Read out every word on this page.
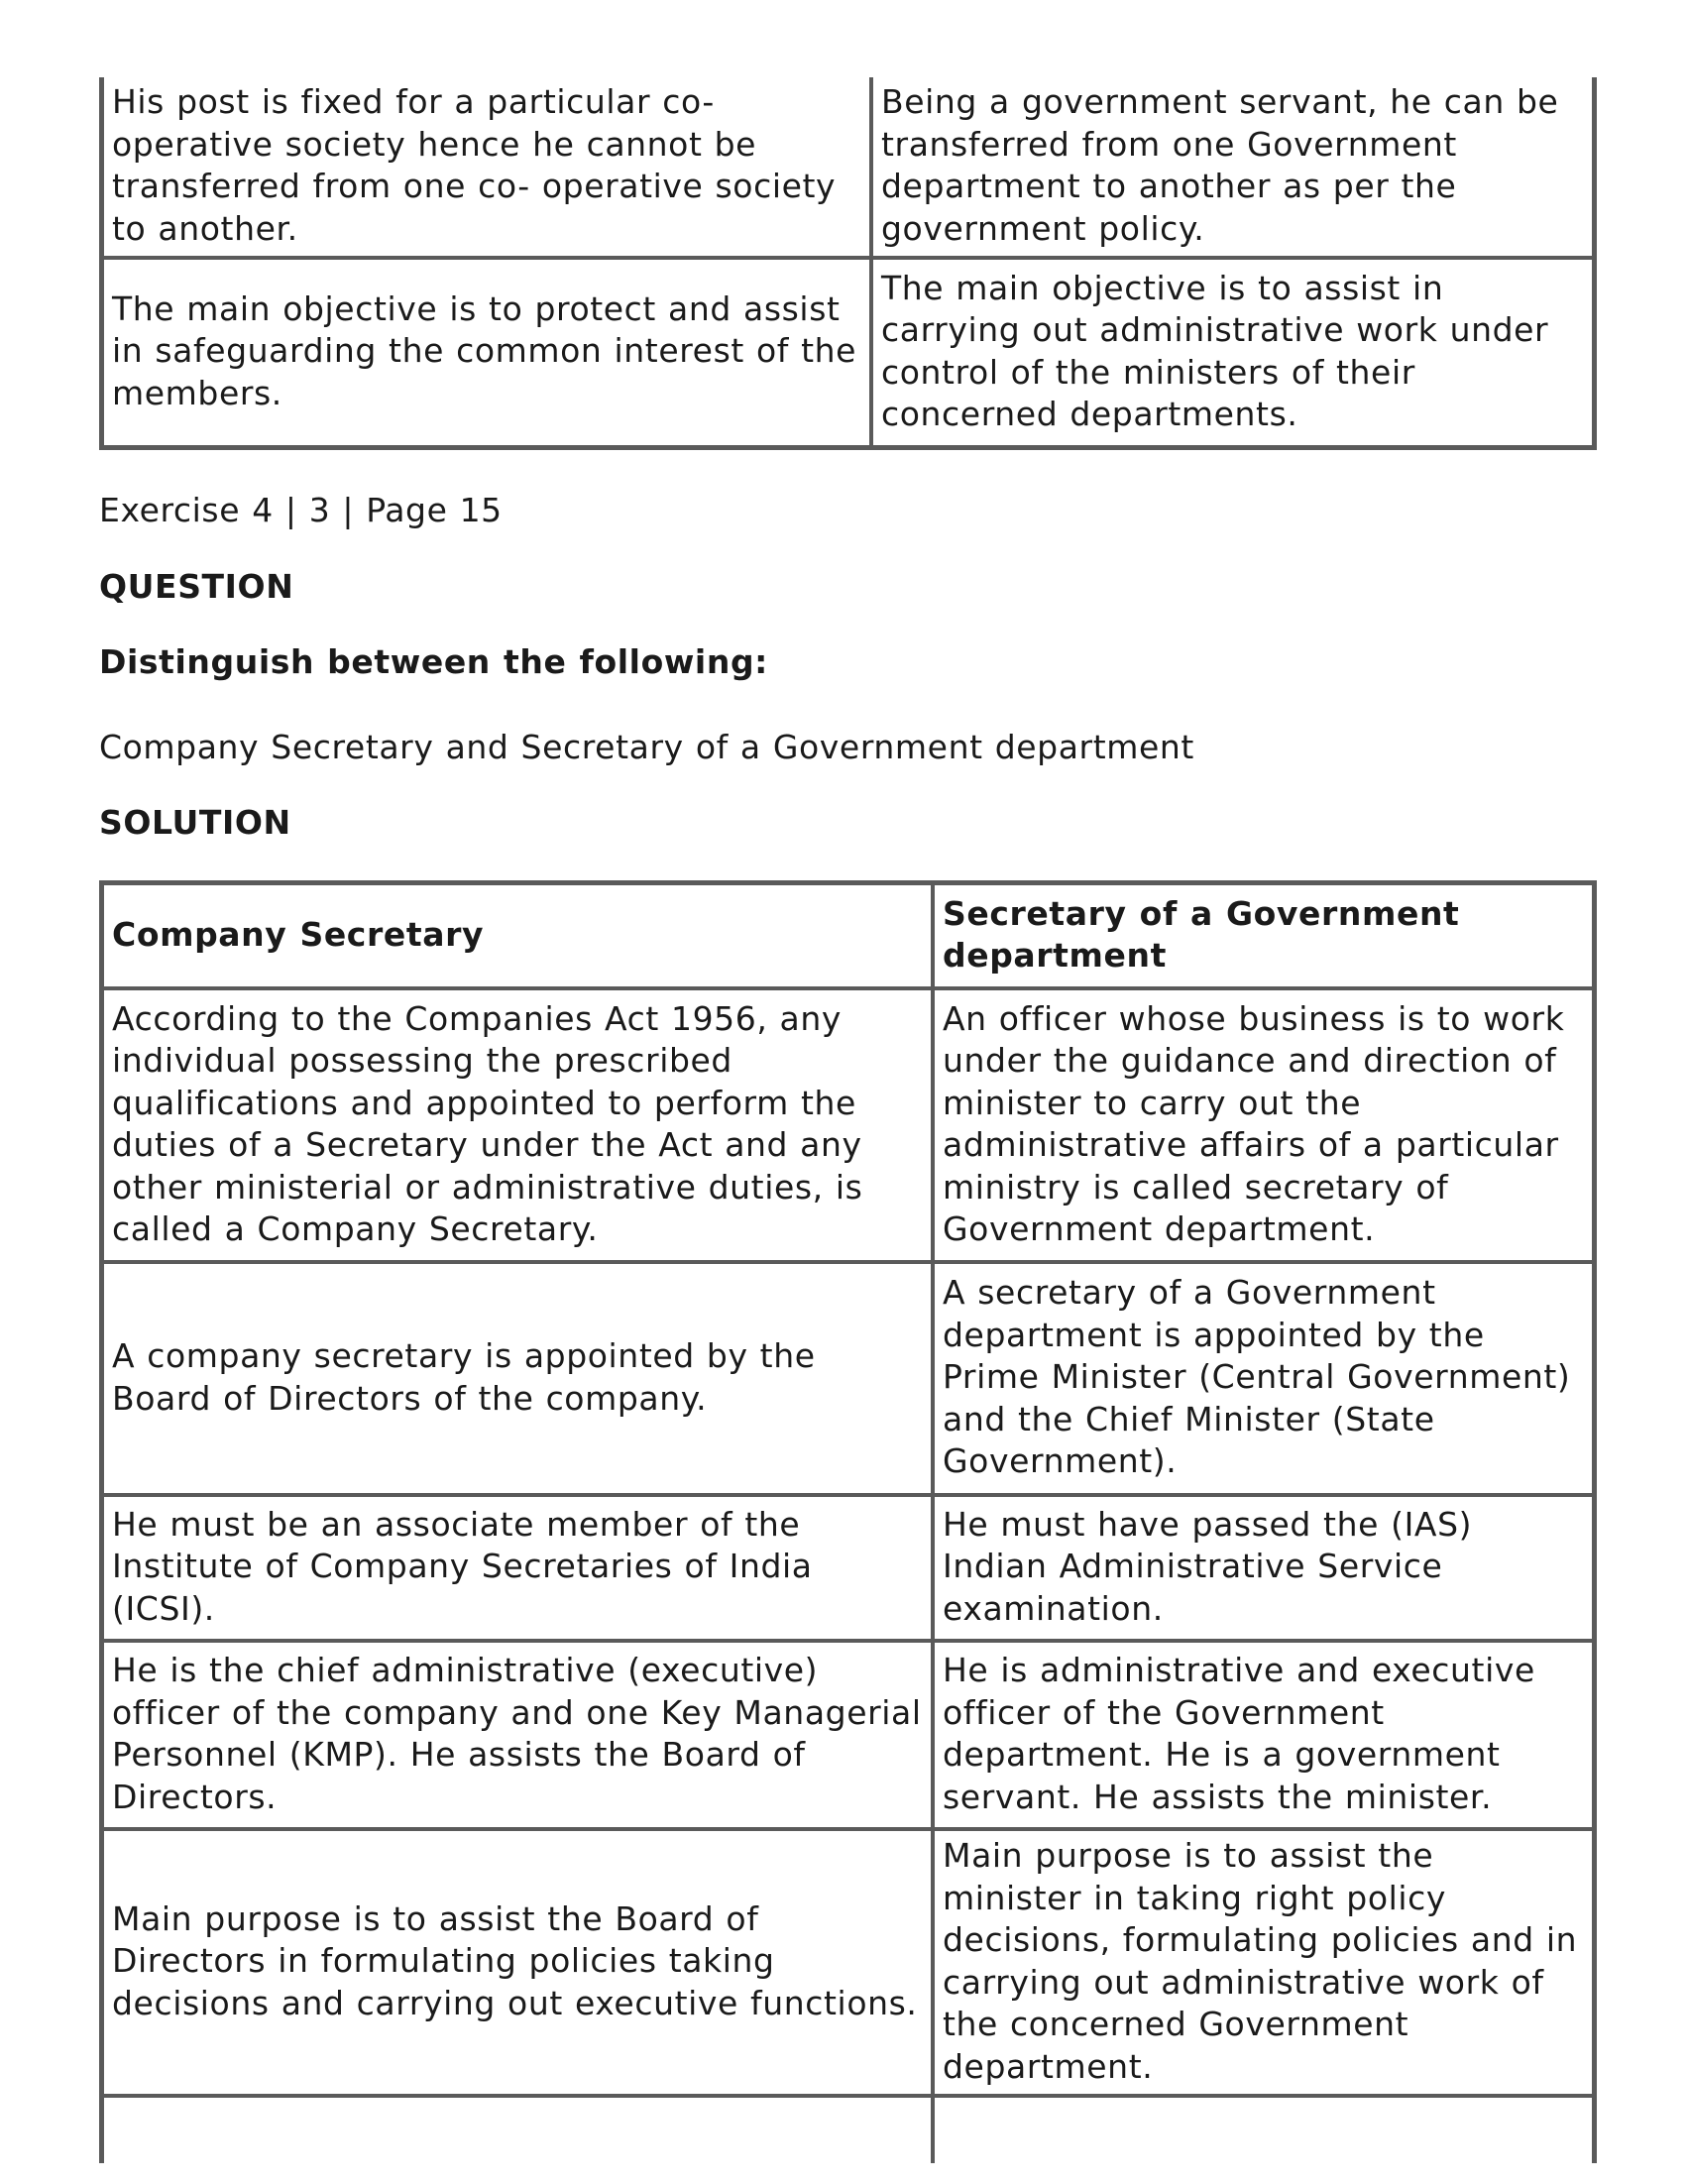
His post is fixed for a particular co-operative society hence he cannot be transferred from one co- operative society to another.	Being a government servant, he can be transferred from one Government department to another as per the government policy.
The main objective is to protect and assist in safeguarding the common interest of the members.	The main objective is to assist in carrying out administrative work under control of the ministers of their concerned departments.
Exercise 4 | 3 | Page 15
QUESTION
Distinguish between the following:
Company Secretary and Secretary of a Government department
SOLUTION
Company Secretary	Secretary of a Government department
According to the Companies Act 1956, any individual possessing the prescribed qualifications and appointed to perform the duties of a Secretary under the Act and any other ministerial or administrative duties, is called a Company Secretary.	An officer whose business is to work under the guidance and direction of minister to carry out the administrative affairs of a particular ministry is called secretary of Government department.
A company secretary is appointed by the Board of Directors of the company.	A secretary of a Government department is appointed by the Prime Minister (Central Government) and the Chief Minister (State Government).
He must be an associate member of the Institute of Company Secretaries of India (ICSI).	He must have passed the (IAS) Indian Administrative Service examination.
He is the chief administrative (executive) officer of the company and one Key Managerial Personnel (KMP). He assists the Board of Directors.	He is administrative and executive officer of the Government department. He is a government servant. He assists the minister.
Main purpose is to assist the Board of Directors in formulating policies taking decisions and carrying out executive functions.	Main purpose is to assist the minister in taking right policy decisions, formulating policies and in carrying out administrative work of the concerned Government department.
